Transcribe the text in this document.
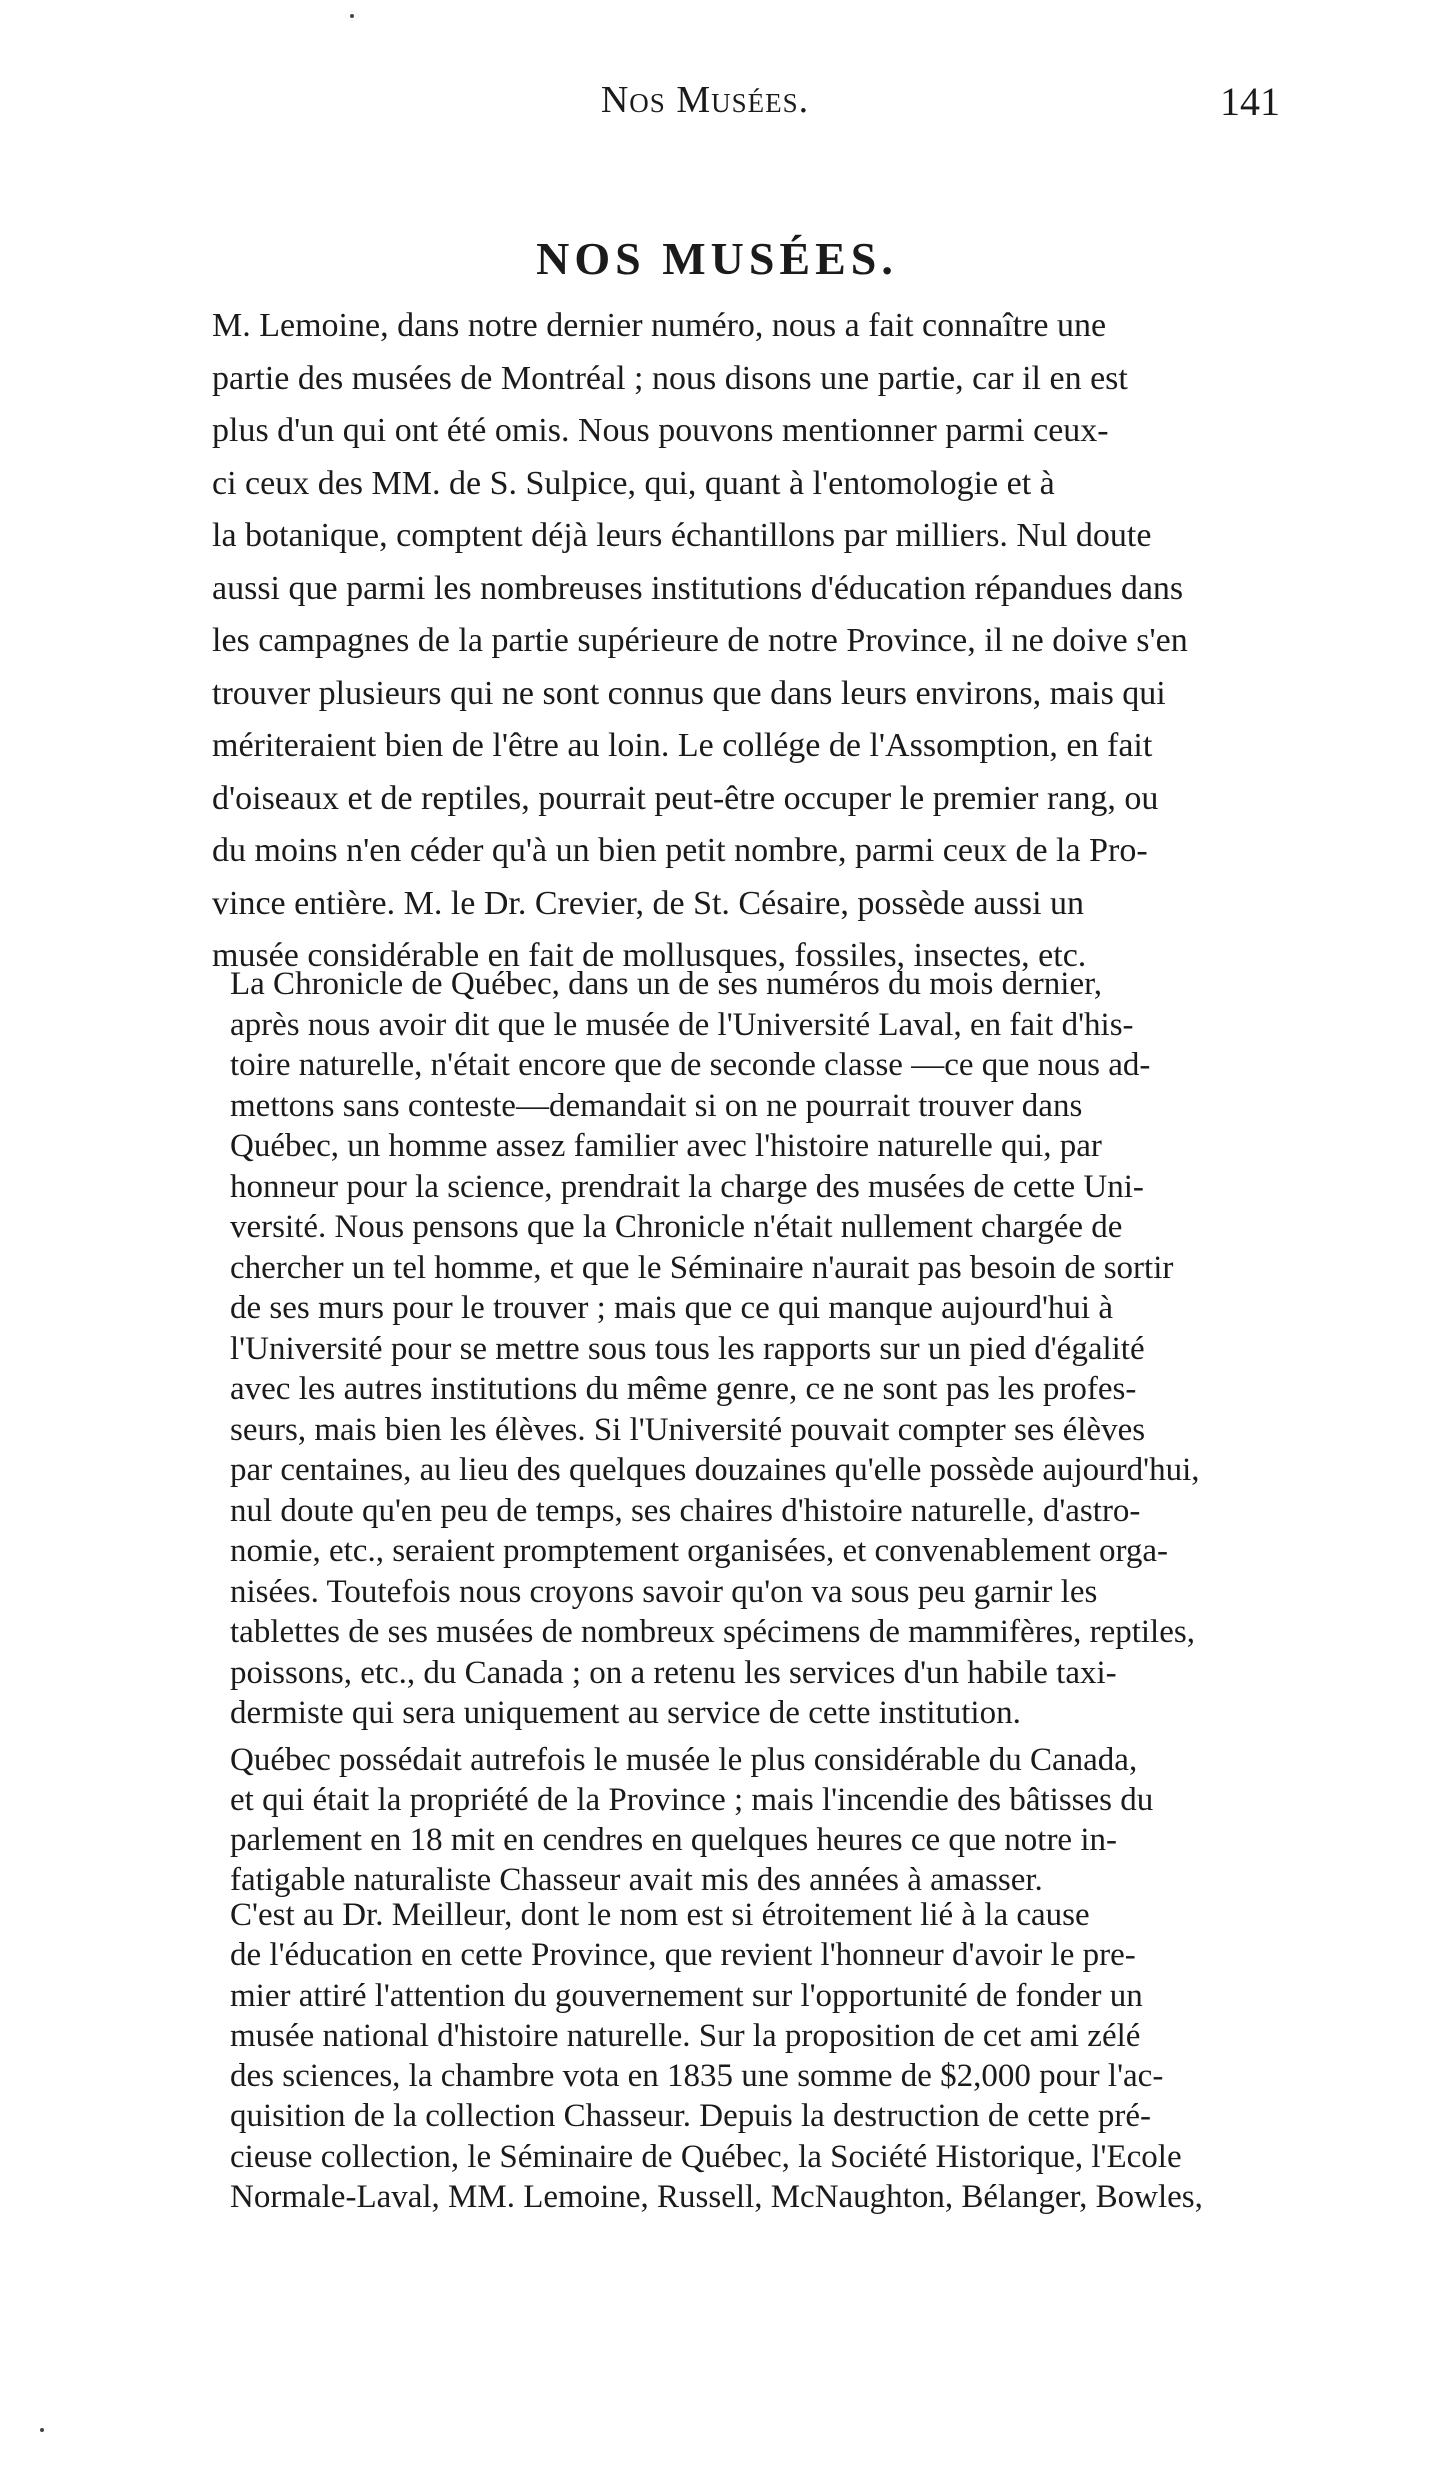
Nos Musées.	141
NOS MUSÉES.

M. Lemoine, dans notre dernier numéro, nous a fait connaître une
partie des musées de Montréal ; nous disons une partie, car il en est
plus d'un qui ont été omis. Nous pouvons mentionner parmi ceux-
ci ceux des MM. de S. Sulpice, qui, quant à l'entomologie et à
la botanique, comptent déjà leurs échantillons par milliers. Nul doute
aussi que parmi les nombreuses institutions d'éducation répandues dans
les campagnes de la partie supérieure de notre Province, il ne doive s'en
trouver plusieurs qui ne sont connus que dans leurs environs, mais qui
mériteraient bien de l'être au loin. Le collége de l'Assomption, en fait
d'oiseaux et de reptiles, pourrait peut-être occuper le premier rang, ou
du moins n'en céder qu'à un bien petit nombre, parmi ceux de la Pro-
vince entière. M. le Dr. Crevier, de St. Césaire, possède aussi un
musée considérable en fait de mollusques, fossiles, insectes, etc.

La Chronicle de Québec, dans un de ses numéros du mois dernier,
après nous avoir dit que le musée de l'Université Laval, en fait d'his-
toire naturelle, n'était encore que de seconde classe —ce que nous ad-
mettons sans conteste—demandait si on ne pourrait trouver dans
Québec, un homme assez familier avec l'histoire naturelle qui, par
honneur pour la science, prendrait la charge des musées de cette Uni-
versité. Nous pensons que la Chronicle n'était nullement chargée de
chercher un tel homme, et que le Séminaire n'aurait pas besoin de sortir
de ses murs pour le trouver ; mais que ce qui manque aujourd'hui à
l'Université pour se mettre sous tous les rapports sur un pied d'égalité
avec les autres institutions du même genre, ce ne sont pas les profes-
seurs, mais bien les élèves. Si l'Université pouvait compter ses élèves
par centaines, au lieu des quelques douzaines qu'elle possède aujourd'hui,
nul doute qu'en peu de temps, ses chaires d'histoire naturelle, d'astro-
nomie, etc., seraient promptement organisées, et convenablement orga-
nisées. Toutefois nous croyons savoir qu'on va sous peu garnir les
tablettes de ses musées de nombreux spécimens de mammifères, reptiles,
poissons, etc., du Canada ; on a retenu les services d'un habile taxi-
dermiste qui sera uniquement au service de cette institution.

Québec possédait autrefois le musée le plus considérable du Canada,
et qui était la propriété de la Province ; mais l'incendie des bâtisses du
parlement en 18 mit en cendres en quelques heures ce que notre in-
fatigable naturaliste Chasseur avait mis des années à amasser.

C'est au Dr. Meilleur, dont le nom est si étroitement lié à la cause
de l'éducation en cette Province, que revient l'honneur d'avoir le pre-
mier attiré l'attention du gouvernement sur l'opportunité de fonder un
musée national d'histoire naturelle. Sur la proposition de cet ami zélé
des sciences, la chambre vota en 1835 une somme de $2,000 pour l'ac-
quisition de la collection Chasseur. Depuis la destruction de cette pré-
cieuse collection, le Séminaire de Québec, la Société Historique, l'Ecole
Normale-Laval, MM. Lemoine, Russell, McNaughton, Bélanger, Bowles,
